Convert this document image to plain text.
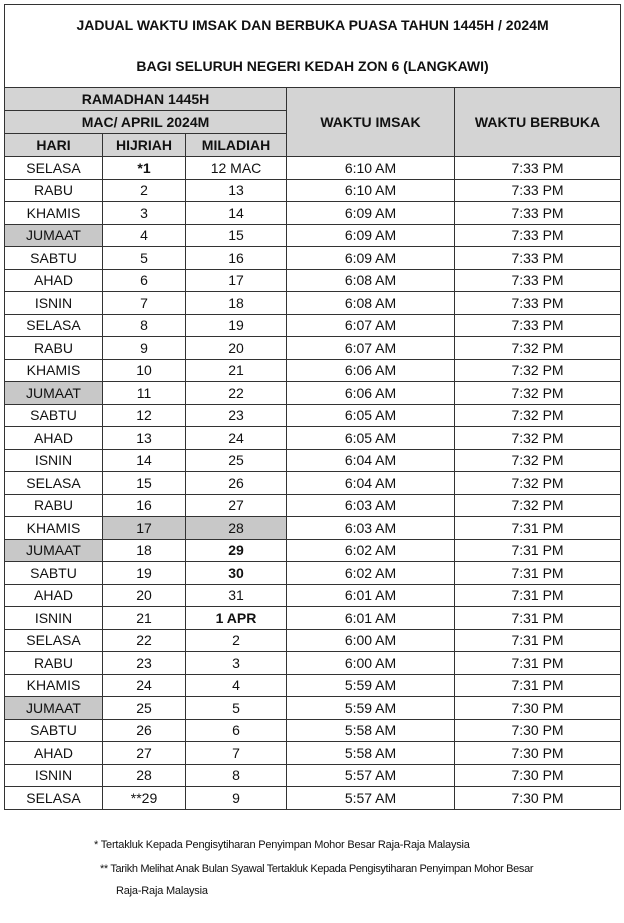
JADUAL WAKTU IMSAK DAN BERBUKA PUASA TAHUN 1445H / 2024M				
BAGI SELURUH NEGERI KEDAH ZON 6 (LANGKAWI)				
RAMADHAN 1445H			WAKTU IMSAK	WAKTU BERBUKA
MAC/ APRIL 2024M				
HARI	HIJRIAH	MILADIAH		
SELASA	*1	12 MAC	6:10 AM	7:33 PM
RABU	2	13	6:10 AM	7:33 PM
KHAMIS	3	14	6:09 AM	7:33 PM
JUMAAT	4	15	6:09 AM	7:33 PM
SABTU	5	16	6:09 AM	7:33 PM
AHAD	6	17	6:08 AM	7:33 PM
ISNIN	7	18	6:08 AM	7:33 PM
SELASA	8	19	6:07 AM	7:33 PM
RABU	9	20	6:07 AM	7:32 PM
KHAMIS	10	21	6:06 AM	7:32 PM
JUMAAT	11	22	6:06 AM	7:32 PM
SABTU	12	23	6:05 AM	7:32 PM
AHAD	13	24	6:05 AM	7:32 PM
ISNIN	14	25	6:04 AM	7:32 PM
SELASA	15	26	6:04 AM	7:32 PM
RABU	16	27	6:03 AM	7:32 PM
KHAMIS	17	28	6:03 AM	7:31 PM
JUMAAT	18	29	6:02 AM	7:31 PM
SABTU	19	30	6:02 AM	7:31 PM
AHAD	20	31	6:01 AM	7:31 PM
ISNIN	21	1 APR	6:01 AM	7:31 PM
SELASA	22	2	6:00 AM	7:31 PM
RABU	23	3	6:00 AM	7:31 PM
KHAMIS	24	4	5:59 AM	7:31 PM
JUMAAT	25	5	5:59 AM	7:30 PM
SABTU	26	6	5:58 AM	7:30 PM
AHAD	27	7	5:58 AM	7:30 PM
ISNIN	28	8	5:57 AM	7:30 PM
SELASA	**29	9	5:57 AM	7:30 PM
* Tertakluk Kepada Pengisytiharan Penyimpan Mohor Besar Raja-Raja Malaysia
** Tarikh Melihat Anak Bulan Syawal Tertakluk Kepada Pengisytiharan Penyimpan Mohor Besar
Raja-Raja Malaysia
